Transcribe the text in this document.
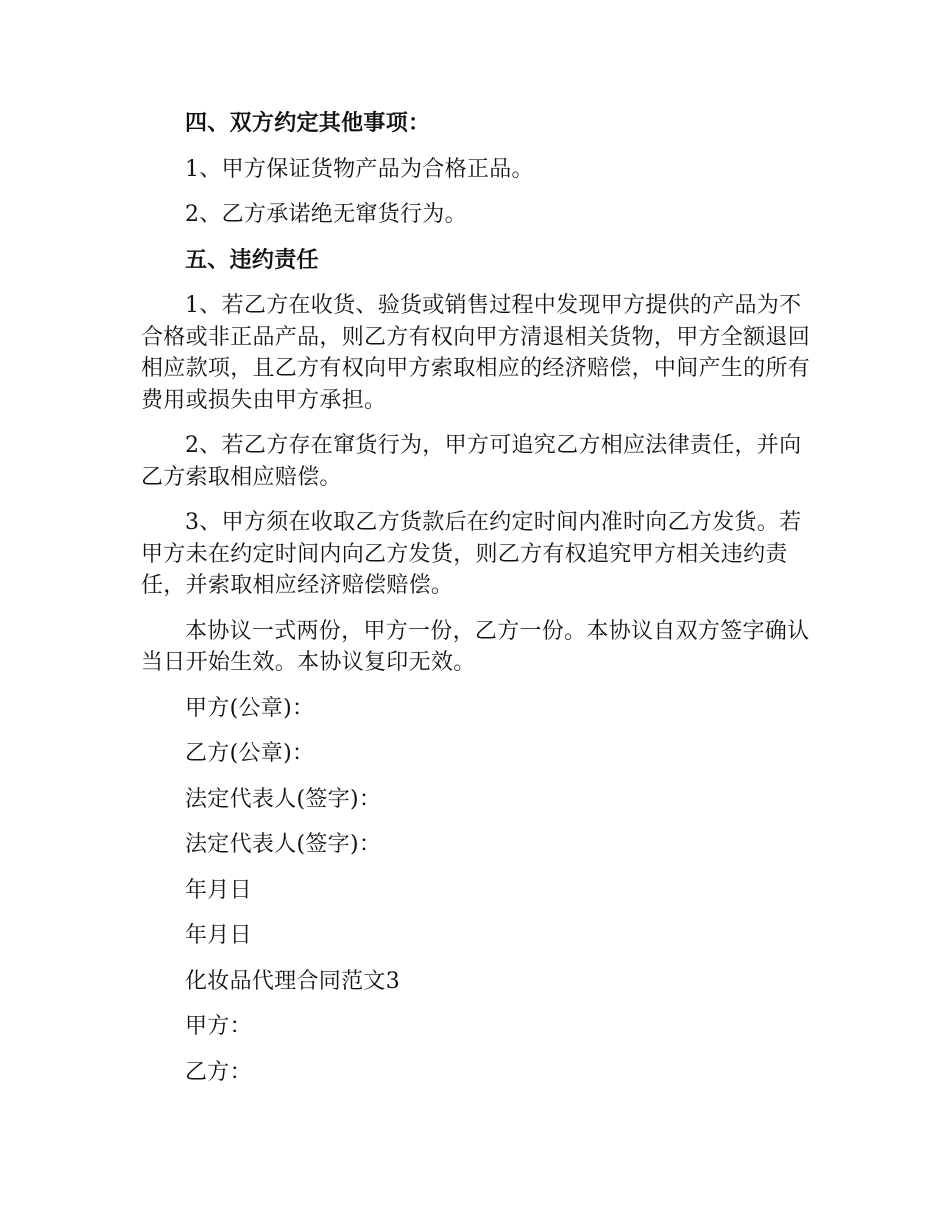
四、双方约定其他事项：
1、甲方保证货物产品为合格正品。
2、乙方承诺绝无窜货行为。
五、违约责任
1、若乙方在收货、验货或销售过程中发现甲方提供的产品为不合格或非正品产品，则乙方有权向甲方清退相关货物，甲方全额退回相应款项，且乙方有权向甲方索取相应的经济赔偿，中间产生的所有费用或损失由甲方承担。
2、若乙方存在窜货行为，甲方可追究乙方相应法律责任，并向乙方索取相应赔偿。
3、甲方须在收取乙方货款后在约定时间内准时向乙方发货。若甲方未在约定时间内向乙方发货，则乙方有权追究甲方相关违约责任，并索取相应经济赔偿赔偿。
本协议一式两份，甲方一份，乙方一份。本协议自双方签字确认当日开始生效。本协议复印无效。
甲方(公章)：
乙方(公章)：
法定代表人(签字)：
法定代表人(签字)：
年月日
年月日
化妆品代理合同范文3
甲方：
乙方：
